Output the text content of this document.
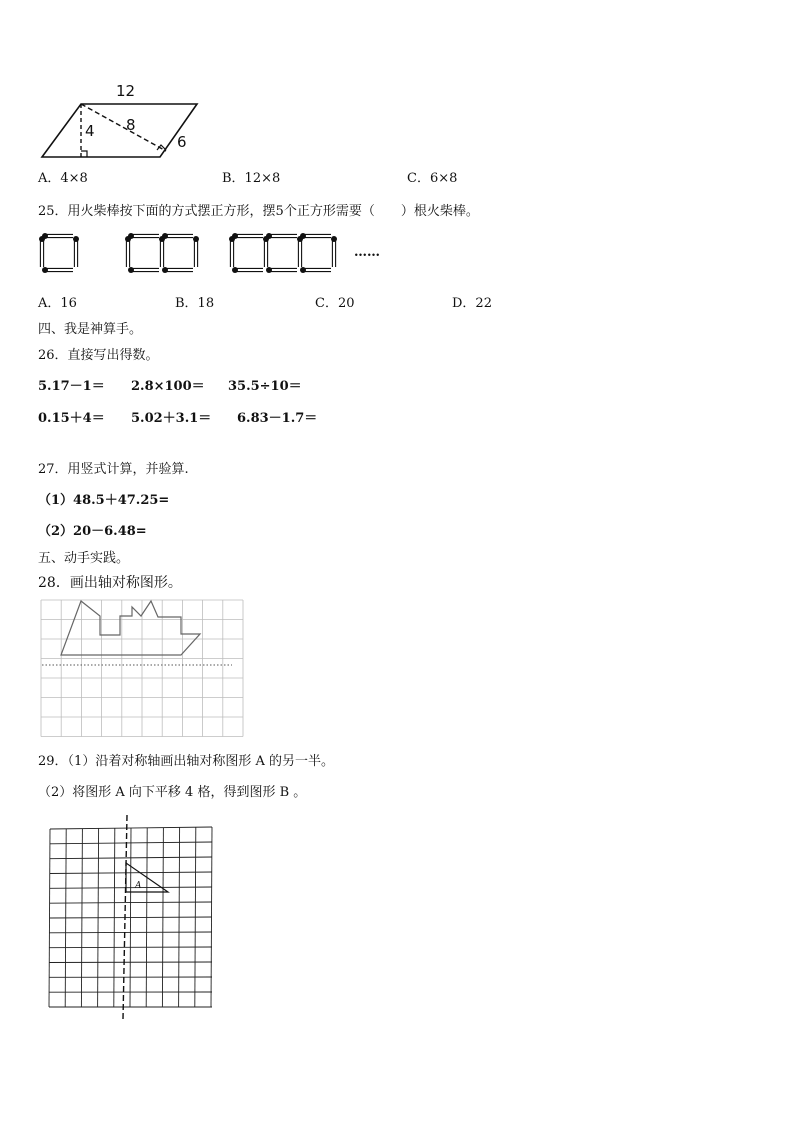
12
4 8
6
A．4×8	B．12×8	C．6×8
25．用火柴棒按下面的方式摆正方形，摆5个正方形需要（　　）根火柴棒。
……
A．16	B．18	C．20	D．22
四、我是神算手。
26．直接写出得数。
5.17－1＝ 2.8×100＝ 35.5÷10＝
0.15＋4＝ 5.02＋3.1＝ 6.83－1.7＝
27．用竖式计算，并验算.
（1）48.5＋47.25=
（2）20－6.48=
五、动手实践。
28．画出轴对称图形。
29．（1）沿着对称轴画出轴对称图形 A 的另一半。
（2）将图形 A 向下平移 4 格，得到图形 B 。
A
